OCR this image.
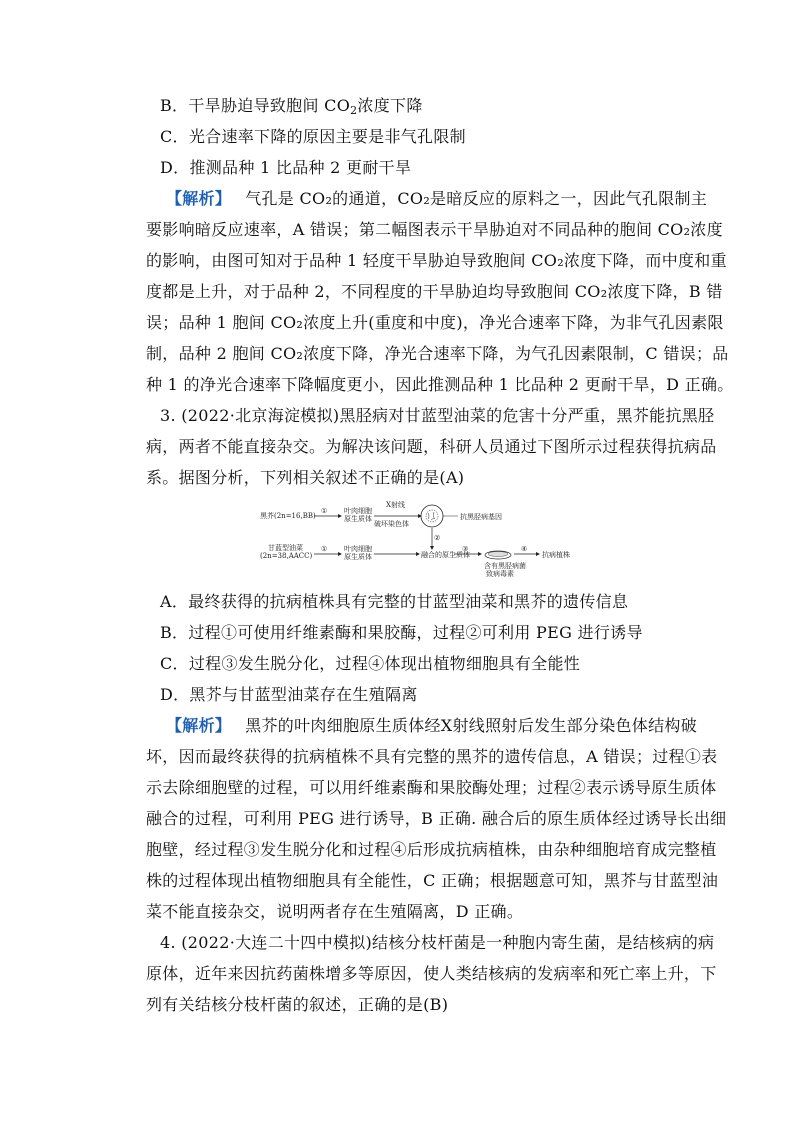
B．干旱胁迫导致胞间 $CO_2$浓度下降
C．光合速率下降的原因主要是非气孔限制
D．推测品种 1 比品种 2 更耐干旱
【解析】 气孔是 CO₂的通道，CO₂是暗反应的原料之一，因此气孔限制主
要影响暗反应速率，A 错误；第二幅图表示干旱胁迫对不同品种的胞间 CO₂浓度
的影响，由图可知对于品种 1 轻度干旱胁迫导致胞间 CO₂浓度下降，而中度和重
度都是上升，对于品种 2，不同程度的干旱胁迫均导致胞间 CO₂浓度下降，B 错
误；品种 1 胞间 CO₂浓度上升(重度和中度)，净光合速率下降，为非气孔因素限
制，品种 2 胞间 CO₂浓度下降，净光合速率下降，为气孔因素限制，C 错误；品
种 1 的净光合速率下降幅度更小，因此推测品种 1 比品种 2 更耐干旱，D 正确。
3. (2022·北京海淀模拟)黑胫病对甘蓝型油菜的危害十分严重，黑芥能抗黑胫
病，两者不能直接杂交。为解决该问题，科研人员通过下图所示过程获得抗病品
系。据图分析，下列相关叙述不正确的是(A)
黑芥(2n=16,BB)
① 叶肉细胞
原生质体
X射线
破坏染色体
抗黑胫病基因
②
甘蓝型油菜
(2n=38,AACC)
① 叶肉细胞
原生质体	融合的原生质体
③	④
抗病植株
含有黑胫病菌
致病毒素
A．最终获得的抗病植株具有完整的甘蓝型油菜和黑芥的遗传信息
B．过程①可使用纤维素酶和果胶酶，过程②可利用 PEG 进行诱导
C．过程③发生脱分化，过程④体现出植物细胞具有全能性
D．黑芥与甘蓝型油菜存在生殖隔离
【解析】 黑芥的叶肉细胞原生质体经X射线照射后发生部分染色体结构破
坏，因而最终获得的抗病植株不具有完整的黑芥的遗传信息，A 错误；过程①表
示去除细胞壁的过程，可以用纤维素酶和果胶酶处理；过程②表示诱导原生质体
融合的过程，可利用 PEG 进行诱导，B 正确. 融合后的原生质体经过诱导长出细
胞壁，经过程③发生脱分化和过程④后形成抗病植株，由杂种细胞培育成完整植
株的过程体现出植物细胞具有全能性，C 正确；根据题意可知，黑芥与甘蓝型油
菜不能直接杂交，说明两者存在生殖隔离，D 正确。
4. (2022·大连二十四中模拟)结核分枝杆菌是一种胞内寄生菌，是结核病的病
原体，近年来因抗药菌株增多等原因，使人类结核病的发病率和死亡率上升，下
列有关结核分枝杆菌的叙述，正确的是(B)
